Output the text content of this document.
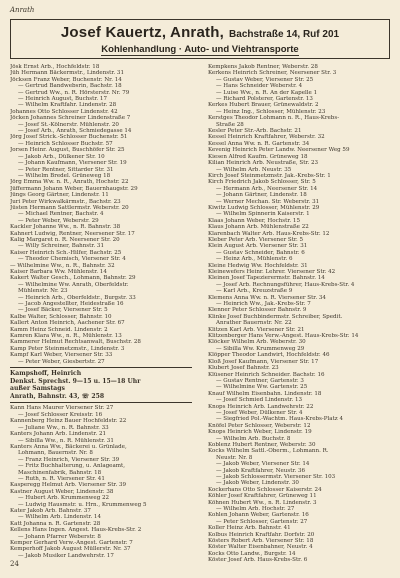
Anrath
Josef Kauertz, Anrath, Bachstraße 14, Ruf 201
Kohlenhandlung · Auto- und Viehtransporte
Jösk Ernst Arb., Hochfeldstr. 18
Jüh Hermann Bäckermstr., Lindenstr. 31
Jöcksen Franz Weber, Buchenstr. Nr. 14
— Gertrud Bandwebsrin, Bachstr. 18
— Gertrud Ww., n. R. Hörsterstr. Nr. 79
— Heinrich August, Buchstr. 17
— Wilhelm Kraftfahr. Lindenstr. 28
Johannes Otto Schlosser Lindenstr. 42
Jöcken Johannes Schreiner Lindenstraße 7
— Josef St.-Kölnerstr. Mühlenstr. 20
— Josef Arb., Anrath, Schmiedegasse 14
Jörg Josef Strick.-Schlosser Buchenstr. 51
— Heinrich Schlosser Buchstr. 57
Jorsen Heinr. August, Buschhöfer Str. 25
— Jakob Arb., Dülkener Str. 10
— Johann Kaufmann, Viersener Str. 19
— Peter Rentner, Sittarder Str. 31
— Wilhelm Bredel. Grüneweg 18
Jörg Emma Ww. n. R., Anrath, Hochstr. 22
Jüffermann Johann Weber, Bauernhaugstr. 29
Jüngs Georg Gärtner, Lindenstr. 11
Juri Peter Wirkwalkärmstr., Bachstr. 23
Jüsten Hermann Sattlermstr. Weberstr. 20
— Michael Rentner, Bachstr. 4
— Peter Weber, Weberstr. 29
Kackler Johanne Ww., n. R. Bahnstr. 38
Kahnert Ludwig, Rentner, Neersener Str. 17
Kalig Margaret n. R. Neersener Str. 20
— Willy Schreiner, Bahnstr. 31
Kaiser Heinrich Sch.-Hilfer, Bachstr. 25
— Theodor Chemisch, Viersener Str. 4
— Wilhelmine Ww., n. R., Bahnstr. 32
Kaiser Barbara Ww. Mühlenstr. 14
Kakert Walter Gesch., Lohmann, Bahnstr. 29
— Wilhelmine Ww. Anrath, Oberfeldstr.
Mühlenstr. Nr. 23
— Heinrich Arb., Oberfeldstr., Burgstr. 33
— Jacob Angestellter, Heidestraße 16
— Josef Bäcker, Viersener Str. 5
Kalbe Walter, Schlosser, Bahnstr. 10
Kallert Anton Heinrich, Aachener Str. 67
Kamm Heinz Schneid. Lindenstr. 2
Kamren Klara Ww., n. R., Mühlenstr. 13
Kammerer Helmut Rechtsanwalt, Buschstr. 28
Kamp Peter Steinmetzmstr., Lindenstr. 3
Kampf Karl Weber, Viersener Str. 33
— Peter Weber, Giesbertstr. 27
Kampshoff, Heinrich
Denkst. Sprechst. 9—15 u. 15—18 Uhr
außer Samstags
Anrath, Bahnstr. 43, ☏ 258
Kann Hans Maurer Viersener Str. 27
— Josef Schlosser Kreisstr. 16
Kannenberg Heinz Bauer Hochfeldstr. 22
— Juliane Ww., n. R. Bahnstr. 33
Kanters Johann Arb. Lindenstr. 21
— Sibilla Ww., n. R. Mühlenstr. 31
Kanters Anna Ww., Bäckerei u. Grünlade,
Lohmann, Bauernstr. Nr. 8
— Franz Heinrich, Viersener Str. 39
— Fritz Buchhalterung, u. Anlageamt,
Maschinenfabrik, Bahnstr. 18
— Ruth, n. R. Viersener Str. 41
Kasperegg Helmut Arb. Viersener Str. 39
Kastner August Weber, Lindenstr. 38
— Hubert Arb. Krummenweg 22
— Ludwig Hausmstr. u. Hrn., Krummenweg 5
Kater Jakob Arb. Bahnstr. 37
— Wilhelm Arb. Lindenstr. 14
Katt Johanna n. R. Gartenstr. 28
Kellens Hans Ingen. Angest. Haus-Krebs-Str. 2
— Johann Pfarrer Weberstr. 8
Kemper Gerhard Verw.-Angest. Gartenstr. 7
Kemperhoff Jakob August Müllerstr. Nr. 37
— Jakob Musiker Landwehrstr. 17
Kempkens Jakob Rentner, Weberstr. 28
Kerkens Heinrich Schreiner, Neersener Str. 3
— Gustav Weber, Viersener Str. 25
— Hans Schneider Weberstr. 4
— Luise Ww., n. R. An der Kapelle 1
— Richard Polsterer, Gartenstr. 13
Kerkes Hubert Brauer, Grünewaldstr. 2
— Heinz Ing., Schlosser, Mühlenstr. 23
Kerstges Theodor Lohmann n. R., Haus-Krebs-
Straße 28
Kesler Peter Str.-Arb. Bachstr. 21
Kessel Heinrich Kraftfahrer, Weberstr. 32
Kessel Anna Ww. n. R. Gartenstr. 34
Kevenig Heinrich Peter Landw. Neersener Weg 59
Kiesen Alfred Kaufm. Grüneweg 18
Kilian Heinrich Arb. Neustraße, Str. 23
— Wilhelm Arb. Neustr. 35
Kirch Josef Steinmetzmstr. Jak.-Krebs-Str. 1
Kirch Friedrich Jakob Schlosser, Str. 5
— Hermann Arb., Neersener Str. 14
— Johann Gärtner, Lindenstr. 18
— Werner Mechan. Str. Weberstr. 31
Kiwitz Ludwig Schlosser, Mühlenstr. 29
— Wilhelm Spinnerin Kaiserstr. 1
Klaas Johann Weber, Hochstr. 15
Klaus Johann Arb. Mühlenstraße 22
Klarenbach Walter Arb. Haus-Krebs-Str. 12
Kleber Peter Arb. Viersener Str. 5
Klein August Arb. Viersener Str. 31
— Gustav Schneider, Bahnstr. 6
— Heinz Arb., Mühlenstr. 6
Kleine Hedwig Ww. Hochfeldstr. 31
Kleinewefers Heinr. Lehrer. Viersener Str. 42
Kleinen Josef Tapezierermstr. Bahnstr. 14
— Josef Arb. Rechnungsführer, Haus-Krebs-Str. 4
— Karl Arb., Kreuzstraße 9
Klemens Anna Ww. n. R. Viersener Str. 34
— Heinrich Ww., Jak.-Krebs-Str. 7
Klenner Peter Schlosser Bahnstr. 9
Klinke Josef Buchbindermstr. Schreiber, Spedit.
Anrather Bauernstr. Nr. 22
Klitzen Karl Arb. Viersener Str. 21
Klitzenberger Hans Verw.-Angest. Haus-Krebs-Str. 14
Klöcker Wilhelm Arb. Weberstr. 30
— Sibilla Ww. Krummenweg 29
Klöpper Theodor Landwirt, Hochfeldstr. 46
Kloß Josef Kaufmann, Viersener Str. 17
Klubert Josef Bahnstr. 23
Klüsener Heinrich Schneider. Bachstr. 16
— Gustav Rentner, Gartenstr. 3
— Wilhelmine Ww. Gartenstr. 25
Knauf Wilhelm Eisenbahn. Lindenstr. 18
— Josef Schmied Lindenstr. 13
Knops Heinrich Arb. Landwehrstr. 22
— Josef Weber, Dülkener Str. 4
— Siegfried Pol.-Wachtm. Haus-Krebs-Platz 4
Knöfel Peter Schlosser, Weberstr. 12
Knops Heinrich Weber, Lindenstr. 19
— Wilhelm Arb. Buchstr. 8
Koblenz Hubert Rentner, Weberstr. 30
Kocks Wilhelm Sattl.-Oberm., Lohmann. R.
Neustr. Nr. 8
— Jakob Weber, Viersener Str. 14
— Jakob Kraftfahrer, Neustr. 36
— Jakob Schlossermstr. Viersener Str. 103
— Jakob Weber, Lindenstr. 30
Kockerhans Otto Schlosser Kaiserstr. 24
Köhler Josef Kraftfahrer, Grüneweg 11
Köhnen Hubert Ww., n. R. Lindenstr. 3
— Wilhelm Arb. Hochstr. 27
Kohlen Johann Weber, Gartenstr. 16
— Peter Schlosser, Gartenstr. 27
Koller Heinz Arb. Bahnstr. 41
Kolbus Heinrich Kraftfahr. Dorfstr. 20
Kösters Robert Arb. Viersener Str. 18
Köster Walter Eisenbahner, Neustr. 4
Kocks Otto Landw., Burgstr. 14
Köster Josef Arb. Haus-Krebs-Str. 6
24
